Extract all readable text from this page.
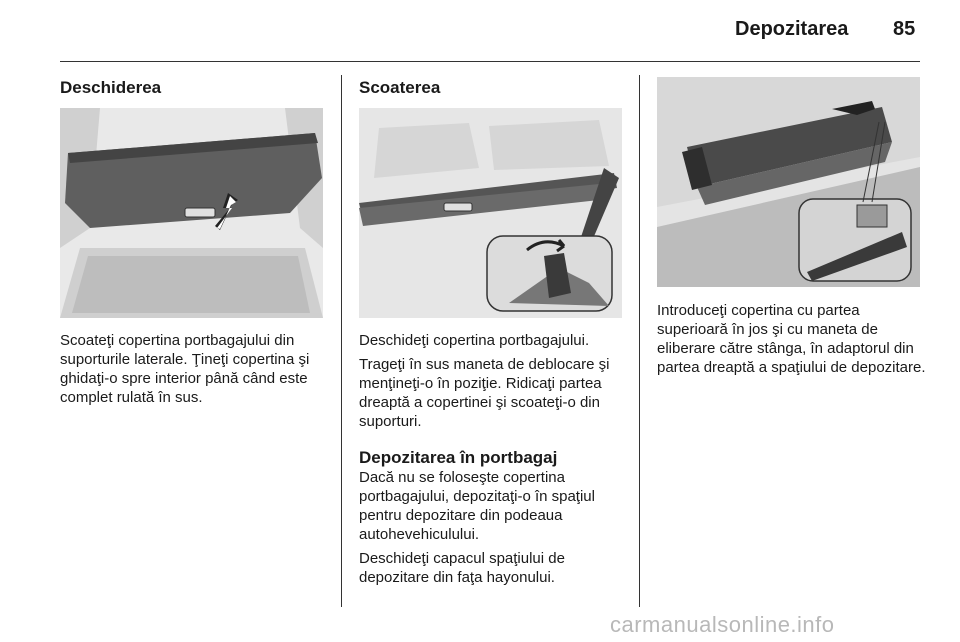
Depozitarea 85
Deschiderea

Scoateţi copertina portbagajului din suporturile laterale. Ţineţi copertina şi ghidaţi-o spre interior până când este complet rulată în sus.

Scoaterea

Deschideţi copertina portbagajului.

Trageţi în sus maneta de deblocare şi menţineţi-o în poziţie. Ridicaţi partea dreaptă a copertinei şi scoateţi-o din suporturi.

Depozitarea în portbagaj

Dacă nu se foloseşte copertina portbagajului, depozitaţi-o în spaţiul pentru depozitare din podeaua autohevehiculului.

Deschideţi capacul spaţiului de depozitare din faţa hayonului.

Introduceţi copertina cu partea superioară în jos şi cu maneta de eliberare către stânga, în adaptorul din partea dreaptă a spaţiului de depozitare.

carmanualsonline.info
